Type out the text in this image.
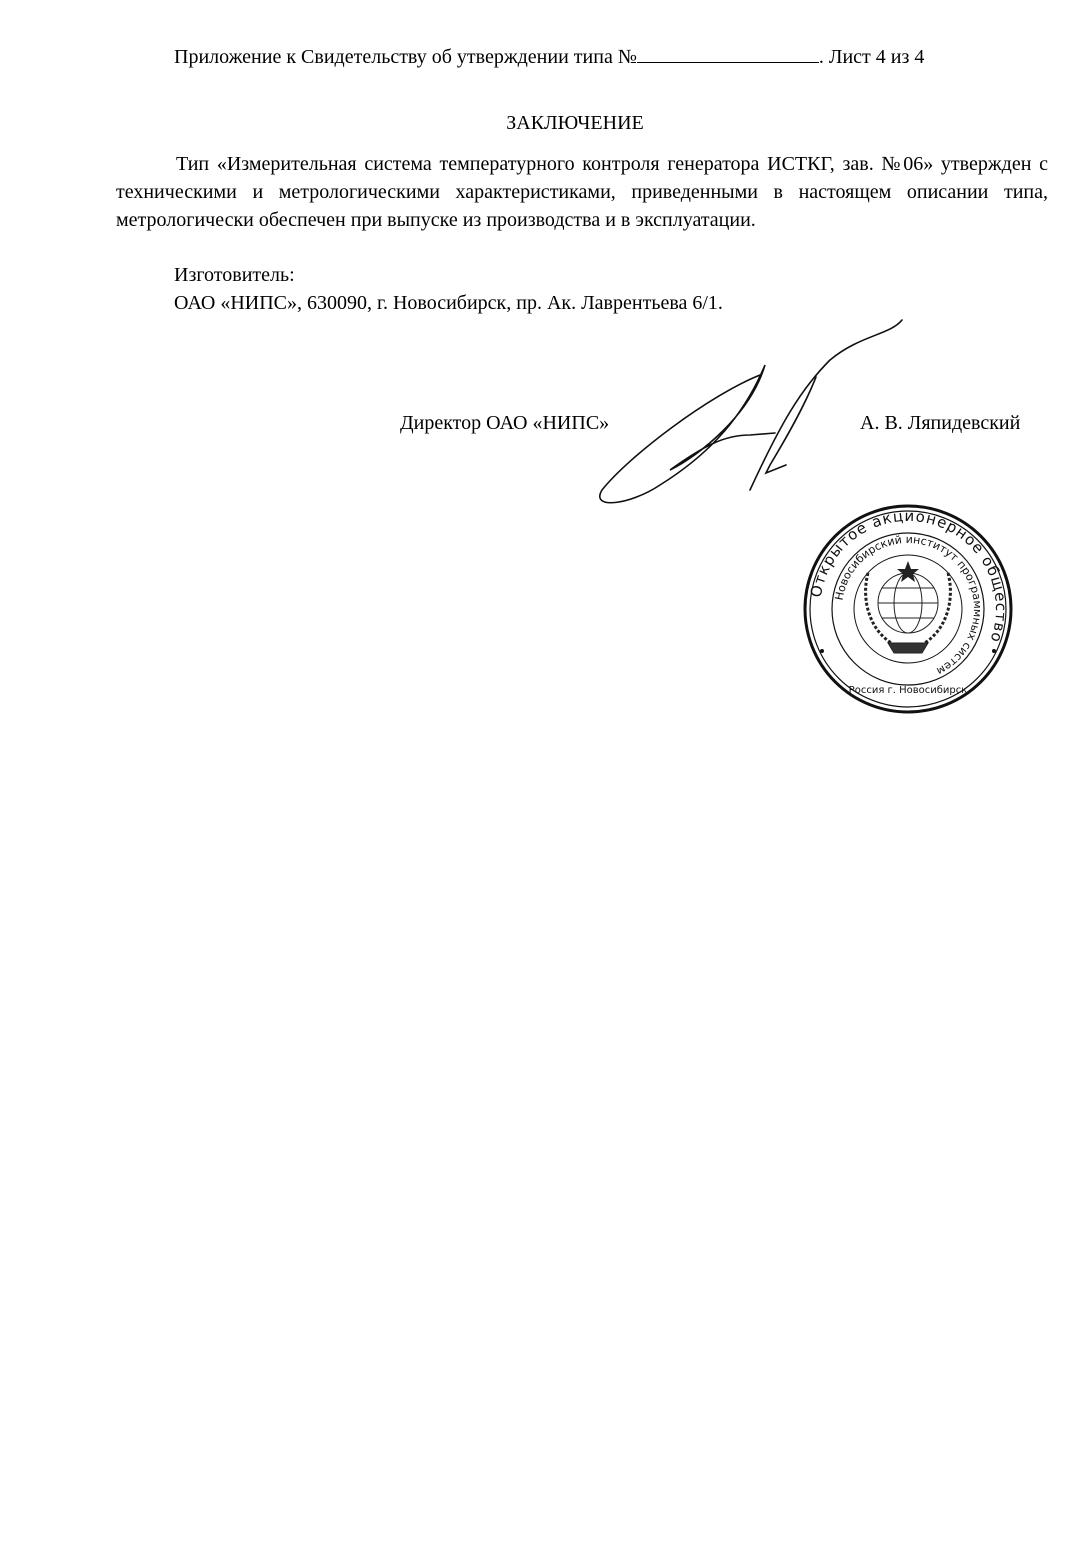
Приложение к Свидетельству об утверждении типа №	. Лист 4 из 4
ЗАКЛЮЧЕНИЕ
Тип «Измерительная система температурного контроля генератора ИСТКГ, зав. №06» утвержден с техническими и метрологическими характеристиками, приведенными в настоящем описании типа, метрологически обеспечен при выпуске из производства и в эксплуатации.
Изготовитель:
ОАО «НИПС», 630090, г. Новосибирск, пр. Ак. Лаврентьева 6/1.
Директор ОАО «НИПС»	А. В. Ляпидевский
Открытое акционерное общество
Новосибирский институт программных систем
Россия г. Новосибирск
